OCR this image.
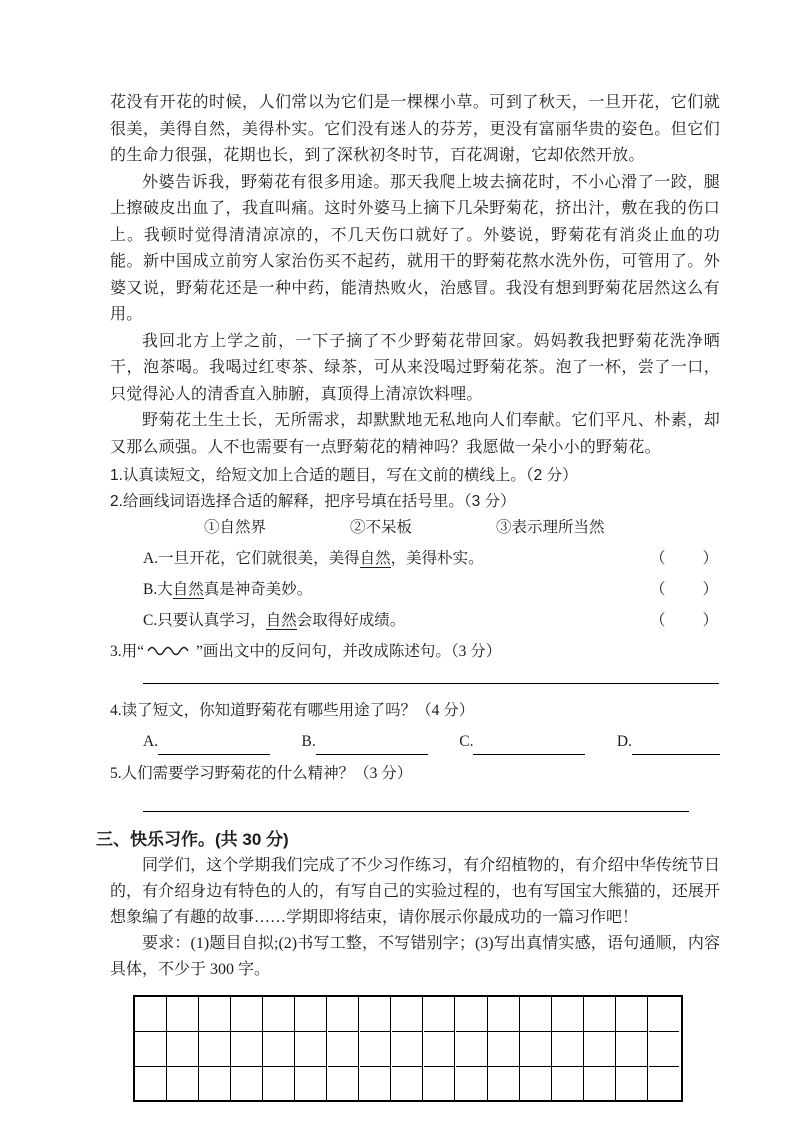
花没有开花的时候，人们常以为它们是一棵棵小草。可到了秋天，一旦开花，它们就很美，美得自然，美得朴实。它们没有迷人的芬芳，更没有富丽华贵的姿色。但它们的生命力很强，花期也长，到了深秋初冬时节，百花凋谢，它却依然开放。

外婆告诉我，野菊花有很多用途。那天我爬上坡去摘花时，不小心滑了一跤，腿上擦破皮出血了，我直叫痛。这时外婆马上摘下几朵野菊花，挤出汁，敷在我的伤口上。我顿时觉得清清凉凉的，不几天伤口就好了。外婆说，野菊花有消炎止血的功能。新中国成立前穷人家治伤买不起药，就用干的野菊花熬水洗外伤，可管用了。外婆又说，野菊花还是一种中药，能清热败火，治感冒。我没有想到野菊花居然这么有用。

我回北方上学之前，一下子摘了不少野菊花带回家。妈妈教我把野菊花洗净晒干，泡茶喝。我喝过红枣茶、绿茶，可从来没喝过野菊花茶。泡了一杯，尝了一口，只觉得沁人的清香直入肺腑，真顶得上清凉饮料哩。

野菊花土生土长，无所需求，却默默地无私地向人们奉献。它们平凡、朴素，却又那么顽强。人不也需要有一点野菊花的精神吗？我愿做一朵小小的野菊花。

1.认真读短文，给短文加上合适的题目，写在文前的横线上。（2 分）
2.给画线词语选择合适的解释，把序号填在括号里。（3 分）
①自然界	②不呆板	③表示理所当然
A.一旦开花，它们就很美，美得自然，美得朴实。	（　　）
B.大自然真是神奇美妙。	（　　）
C.只要认真学习，自然会取得好成绩。	（　　）
3.用“	”画出文中的反问句，并改成陈述句。（3 分）
4.读了短文，你知道野菊花有哪些用途了吗？（4 分）
A.	B.	C.	D.
5.人们需要学习野菊花的什么精神？（3 分）
三、快乐习作。(共 30 分)

同学们，这个学期我们完成了不少习作练习，有介绍植物的，有介绍中华传统节日的，有介绍身边有特色的人的，有写自己的实验过程的，也有写国宝大熊猫的，还展开想象编了有趣的故事……学期即将结束，请你展示你最成功的一篇习作吧！

要求：(1)题目自拟;(2)书写工整，不写错别字；(3)写出真情实感，语句通顺，内容具体，不少于 300 字。
